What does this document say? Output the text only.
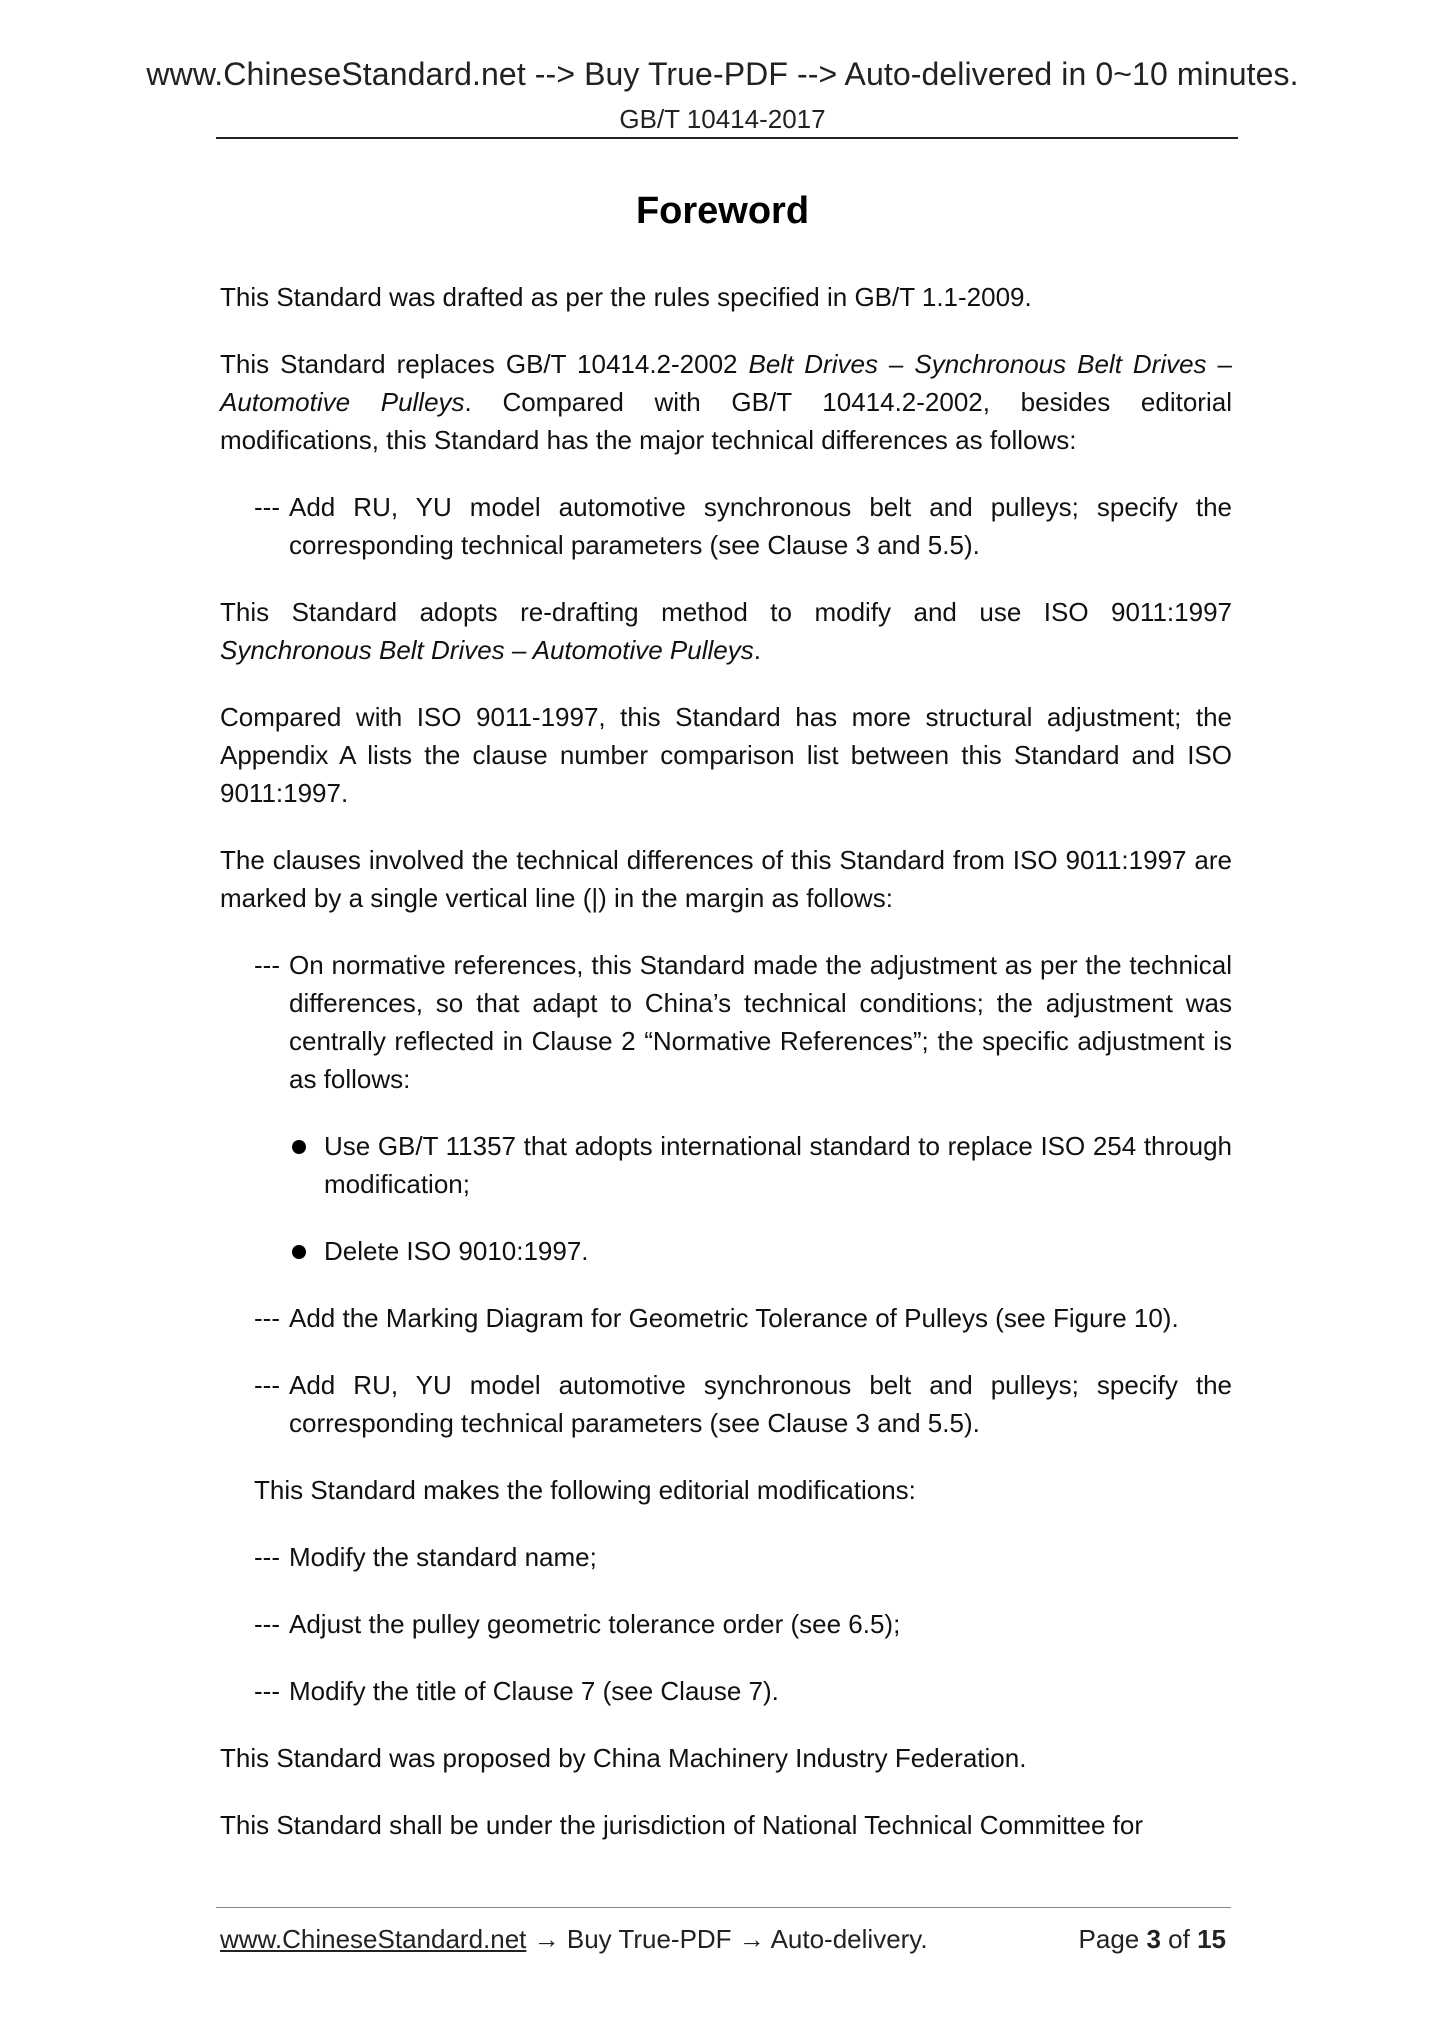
www.ChineseStandard.net --> Buy True-PDF --> Auto-delivered in 0~10 minutes.
GB/T 10414-2017
Foreword

This Standard was drafted as per the rules specified in GB/T 1.1-2009.

This Standard replaces GB/T 10414.2-2002 Belt Drives – Synchronous Belt Drives – Automotive Pulleys. Compared with GB/T 10414.2-2002, besides editorial modifications, this Standard has the major technical differences as follows:

--- Add RU, YU model automotive synchronous belt and pulleys; specify the corresponding technical parameters (see Clause 3 and 5.5).

This Standard adopts re-drafting method to modify and use ISO 9011:1997 Synchronous Belt Drives – Automotive Pulleys.

Compared with ISO 9011-1997, this Standard has more structural adjustment; the Appendix A lists the clause number comparison list between this Standard and ISO 9011:1997.

The clauses involved the technical differences of this Standard from ISO 9011:1997 are marked by a single vertical line (|) in the margin as follows:

--- On normative references, this Standard made the adjustment as per the technical differences, so that adapt to China’s technical conditions; the adjustment was centrally reflected in Clause 2 “Normative References”; the specific adjustment is as follows:
Use GB/T 11357 that adopts international standard to replace ISO 254 through modification;
Delete ISO 9010:1997.
--- Add the Marking Diagram for Geometric Tolerance of Pulleys (see Figure 10).
--- Add RU, YU model automotive synchronous belt and pulleys; specify the corresponding technical parameters (see Clause 3 and 5.5).

This Standard makes the following editorial modifications:

--- Modify the standard name;
--- Adjust the pulley geometric tolerance order (see 6.5);
--- Modify the title of Clause 7 (see Clause 7).

This Standard was proposed by China Machinery Industry Federation.

This Standard shall be under the jurisdiction of National Technical Committee for

www.ChineseStandard.net → Buy True-PDF → Auto-delivery.	Page 3 of 15
